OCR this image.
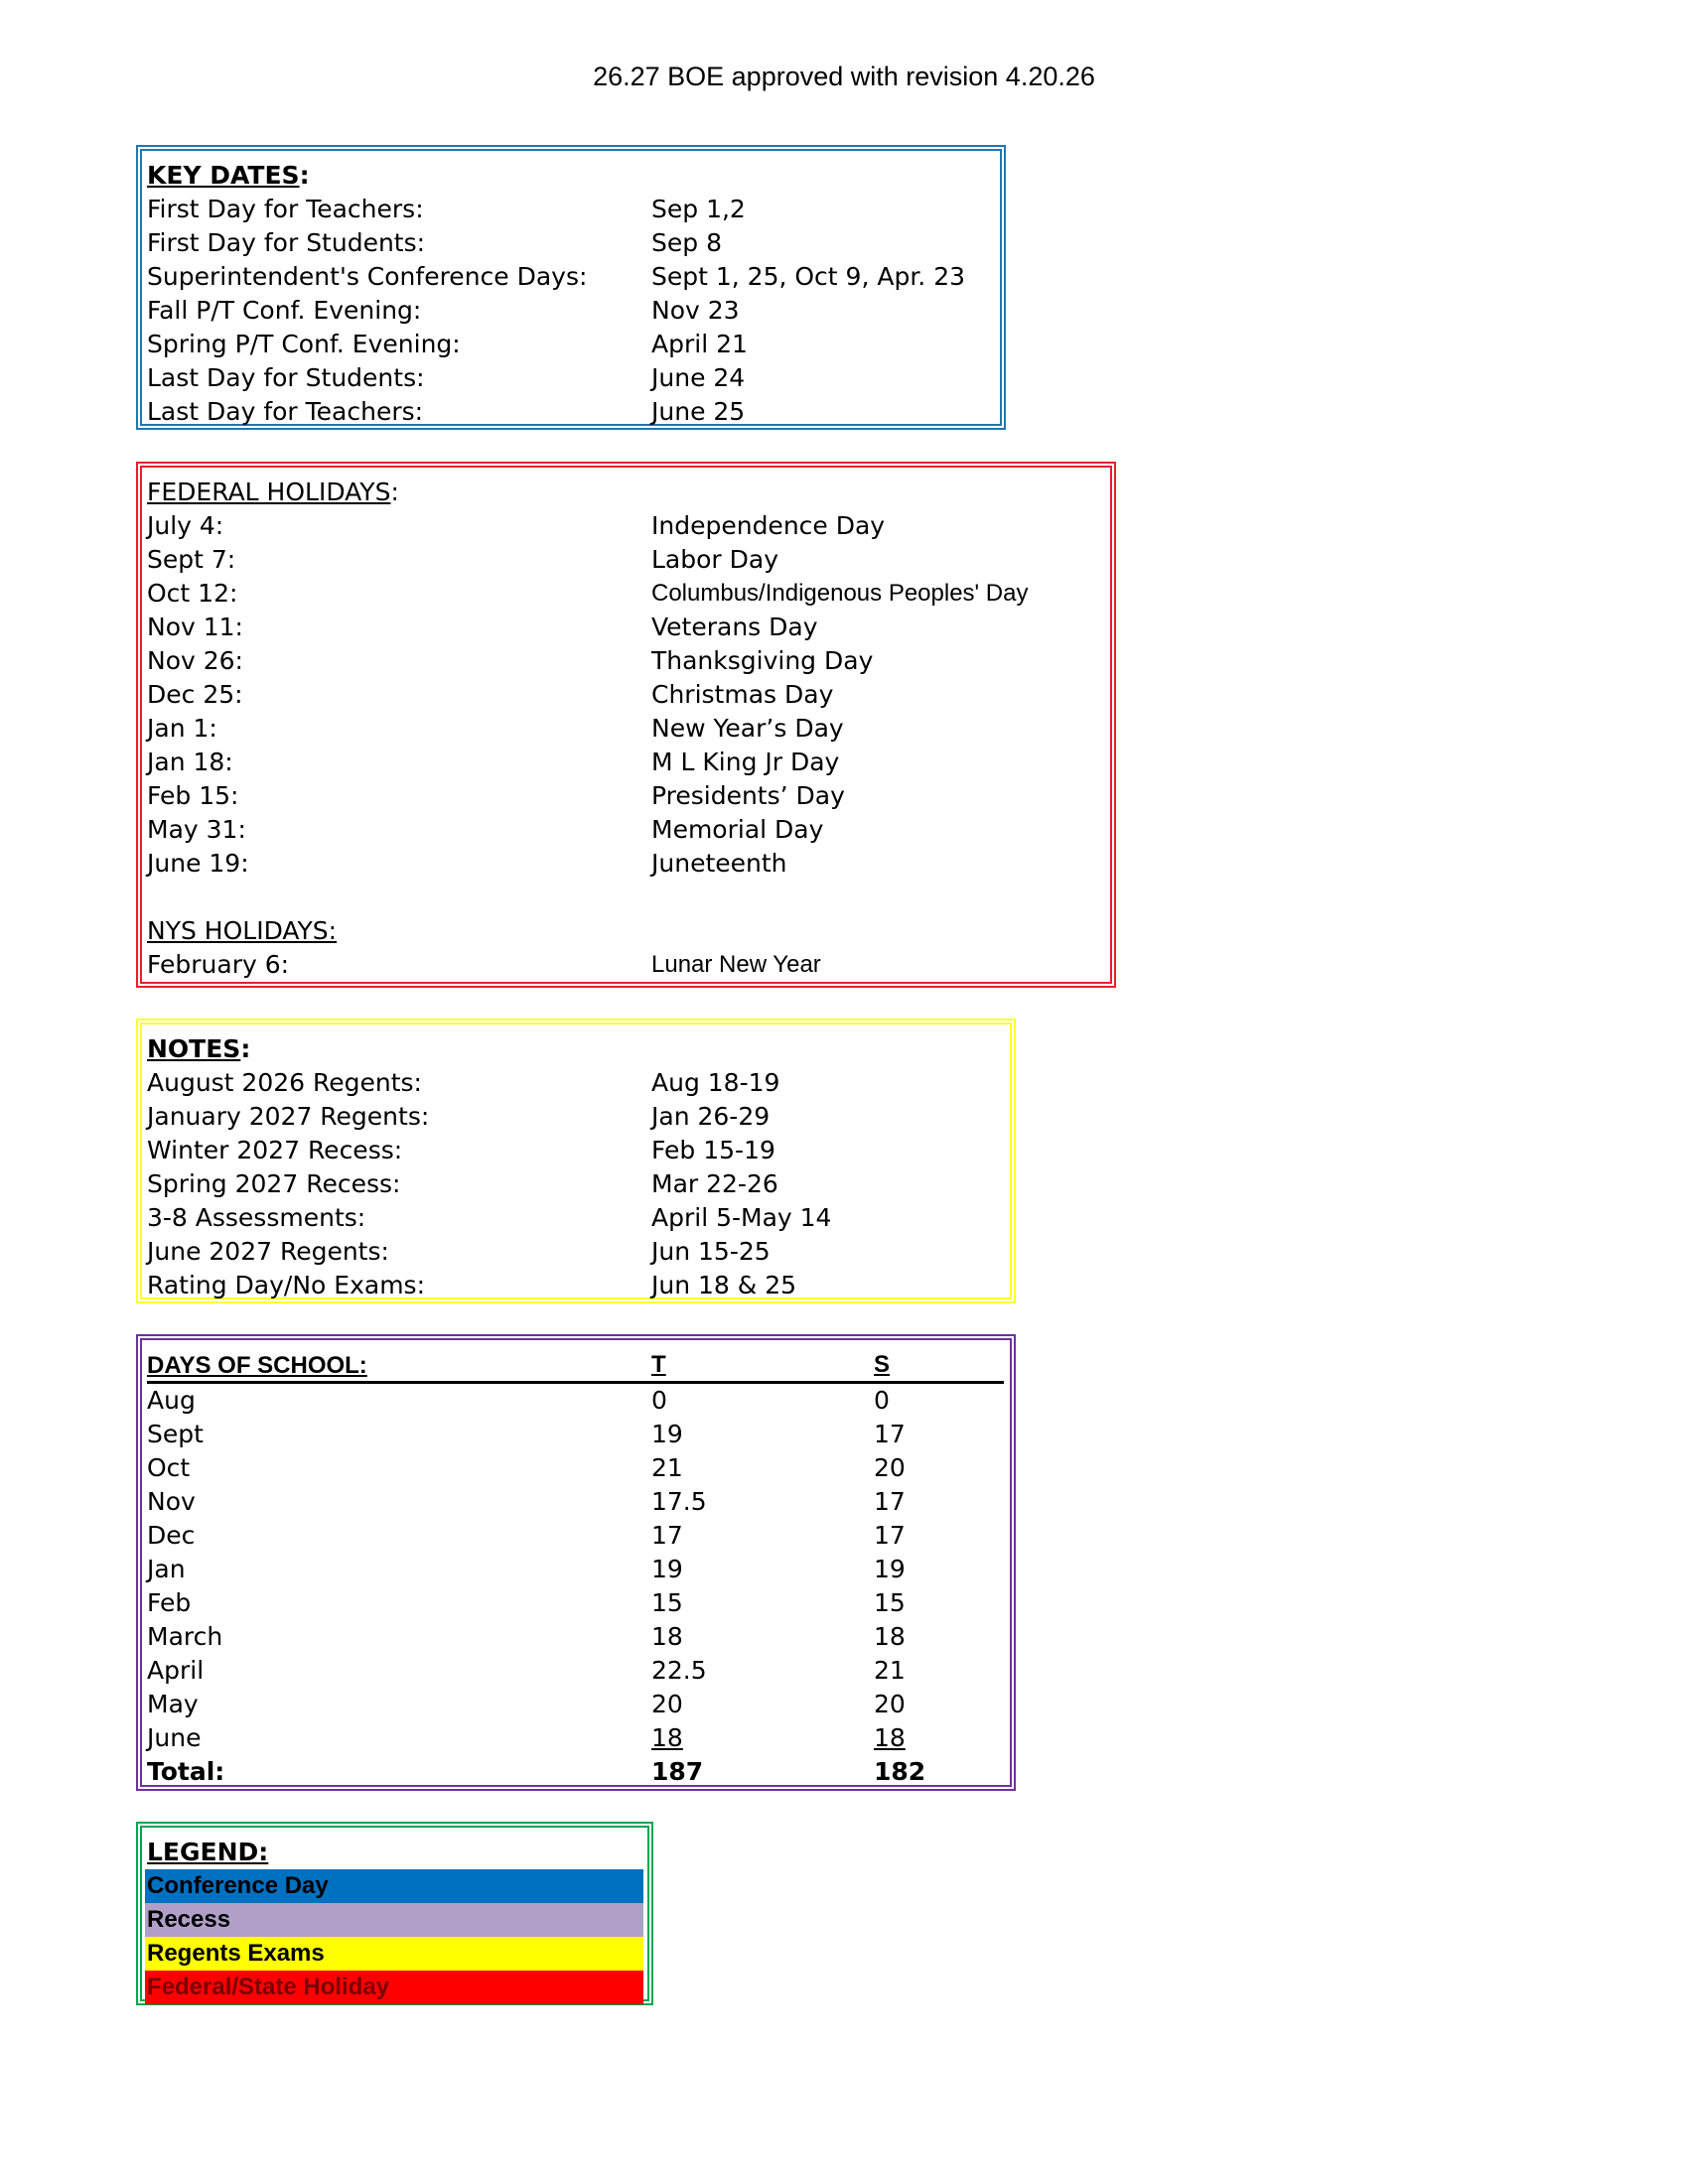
26.27 BOE approved with revision 4.20.26
KEY DATES:
First Day for Teachers:	Sep 1,2
First Day for Students:	Sep 8
Superintendent's Conference Days:	Sept 1, 25, Oct 9, Apr. 23
Fall P/T Conf. Evening:	Nov 23
Spring P/T Conf. Evening:	April 21
Last Day for Students:	June 24
Last Day for Teachers:	June 25
FEDERAL HOLIDAYS:
July 4:	Independence Day
Sept 7:	Labor Day
Oct 12:	Columbus/Indigenous Peoples' Day
Nov 11:	Veterans Day
Nov 26:	Thanksgiving Day
Dec 25:	Christmas Day
Jan 1:	New Year’s Day
Jan 18:	M L King Jr Day
Feb 15:	Presidents’ Day
May 31:	Memorial Day
June 19:	Juneteenth
NYS HOLIDAYS:
February 6:	Lunar New Year
NOTES:
August 2026 Regents:	Aug 18-19
January 2027 Regents:	Jan 26-29
Winter 2027 Recess:	Feb 15-19
Spring 2027 Recess:	Mar 22-26
3-8 Assessments:	April 5-May 14
June 2027 Regents:	Jun 15-25
Rating Day/No Exams:	Jun 18 & 25
DAYS OF SCHOOL:	T	S
Aug	0	0
Sept	19	17
Oct	21	20
Nov	17.5	17
Dec	17	17
Jan	19	19
Feb	15	15
March	18	18
April	22.5	21
May	20	20
June	18	18
Total:	187	182
LEGEND:
Conference Day
Recess
Regents Exams
Federal/State Holiday
